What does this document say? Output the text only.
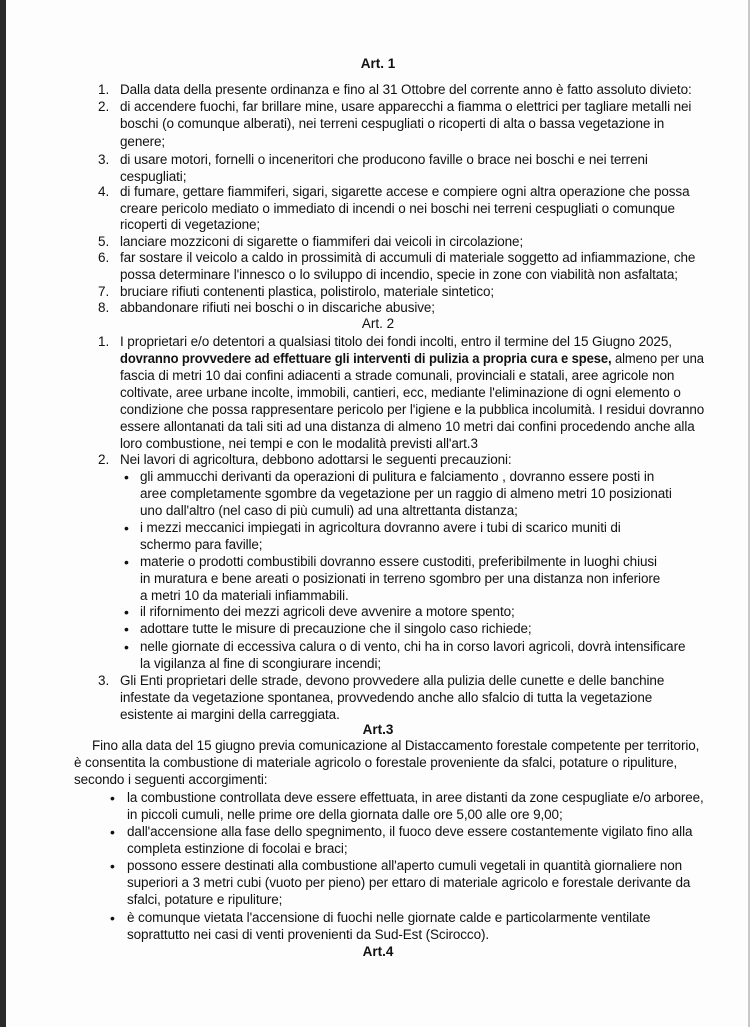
Art. 1
1. Dalla data della presente ordinanza e fino al 31 Ottobre del corrente anno è fatto assoluto divieto:
2. di accendere fuochi, far brillare mine, usare apparecchi a fiamma o elettrici per tagliare metalli nei
boschi (o comunque alberati), nei terreni cespugliati o ricoperti di alta o bassa vegetazione in
genere;
3. di usare motori, fornelli o inceneritori che producono faville o brace nei boschi e nei terreni
cespugliati;
4. di fumare, gettare fiammiferi, sigari, sigarette accese e compiere ogni altra operazione che possa
creare pericolo mediato o immediato di incendi o nei boschi nei terreni cespugliati o comunque
ricoperti di vegetazione;
5. lanciare mozziconi di sigarette o fiammiferi dai veicoli in circolazione;
6. far sostare il veicolo a caldo in prossimità di accumuli di materiale soggetto ad infiammazione, che
possa determinare l'innesco o lo sviluppo di incendio, specie in zone con viabilità non asfaltata;
7. bruciare rifiuti contenenti plastica, polistirolo, materiale sintetico;
8. abbandonare rifiuti nei boschi o in discariche abusive;
Art. 2
1. I proprietari e/o detentori a qualsiasi titolo dei fondi incolti, entro il termine del 15 Giugno 2025,
dovranno provvedere ad effettuare gli interventi di pulizia a propria cura e spese, almeno per una
fascia di metri 10 dai confini adiacenti a strade comunali, provinciali e statali, aree agricole non
coltivate, aree urbane incolte, immobili, cantieri, ecc, mediante l'eliminazione di ogni elemento o
condizione che possa rappresentare pericolo per l'igiene e la pubblica incolumità. I residui dovranno
essere allontanati da tali siti ad una distanza di almeno 10 metri dai confini procedendo anche alla
loro combustione, nei tempi e con le modalità previsti all'art.3
2. Nei lavori di agricoltura, debbono adottarsi le seguenti precauzioni:
• gli ammucchi derivanti da operazioni di pulitura e falciamento , dovranno essere posti in
aree completamente sgombre da vegetazione per un raggio di almeno metri 10 posizionati
uno dall'altro (nel caso di più cumuli) ad una altrettanta distanza;
• i mezzi meccanici impiegati in agricoltura dovranno avere i tubi di scarico muniti di
schermo para faville;
• materie o prodotti combustibili dovranno essere custoditi, preferibilmente in luoghi chiusi
in muratura e bene areati o posizionati in terreno sgombro per una distanza non inferiore
a metri 10 da materiali infiammabili.
• il rifornimento dei mezzi agricoli deve avvenire a motore spento;
• adottare tutte le misure di precauzione che il singolo caso richiede;
• nelle giornate di eccessiva calura o di vento, chi ha in corso lavori agricoli, dovrà intensificare
la vigilanza al fine di scongiurare incendi;
3. Gli Enti proprietari delle strade, devono provvedere alla pulizia delle cunette e delle banchine
infestate da vegetazione spontanea, provvedendo anche allo sfalcio di tutta la vegetazione
esistente ai margini della carreggiata.
Art.3
Fino alla data del 15 giugno previa comunicazione al Distaccamento forestale competente per territorio,
è consentita la combustione di materiale agricolo o forestale proveniente da sfalci, potature o ripuliture,
secondo i seguenti accorgimenti:
• la combustione controllata deve essere effettuata, in aree distanti da zone cespugliate e/o arboree,
in piccoli cumuli, nelle prime ore della giornata dalle ore 5,00 alle ore 9,00;
• dall'accensione alla fase dello spegnimento, il fuoco deve essere costantemente vigilato fino alla
completa estinzione di focolai e braci;
• possono essere destinati alla combustione all'aperto cumuli vegetali in quantità giornaliere non
superiori a 3 metri cubi (vuoto per pieno) per ettaro di materiale agricolo e forestale derivante da
sfalci, potature e ripuliture;
• è comunque vietata l'accensione di fuochi nelle giornate calde e particolarmente ventilate
soprattutto nei casi di venti provenienti da Sud-Est (Scirocco).
Art.4
